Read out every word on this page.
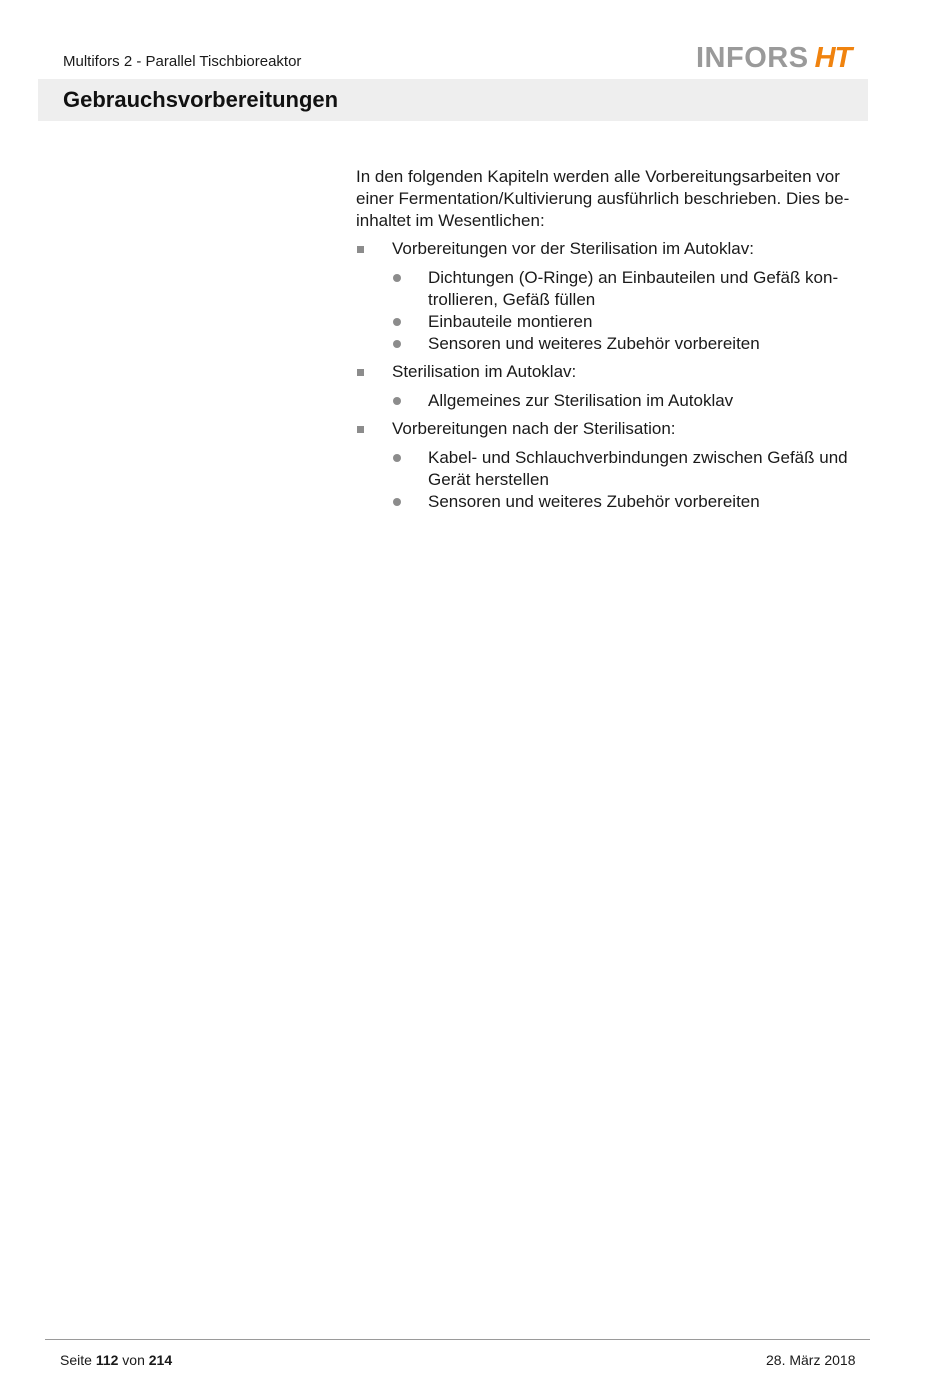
Multifors 2 - Parallel Tischbioreaktor	INFORS HT
Gebrauchsvorbereitungen

In den folgenden Kapiteln werden alle Vorbereitungsarbeiten vor einer Fermentation/Kultivierung ausführlich beschrieben. Dies be-inhaltet im Wesentlichen:

Vorbereitungen vor der Sterilisation im Autoklav:
Dichtungen (O-Ringe) an Einbauteilen und Gefäß kon-trollieren, Gefäß füllen
Einbauteile montieren
Sensoren und weiteres Zubehör vorbereiten
Sterilisation im Autoklav:
Allgemeines zur Sterilisation im Autoklav
Vorbereitungen nach der Sterilisation:
Kabel- und Schlauchverbindungen zwischen Gefäß und Gerät herstellen
Sensoren und weiteres Zubehör vorbereiten
Seite 112 von 214	28. März 2018
